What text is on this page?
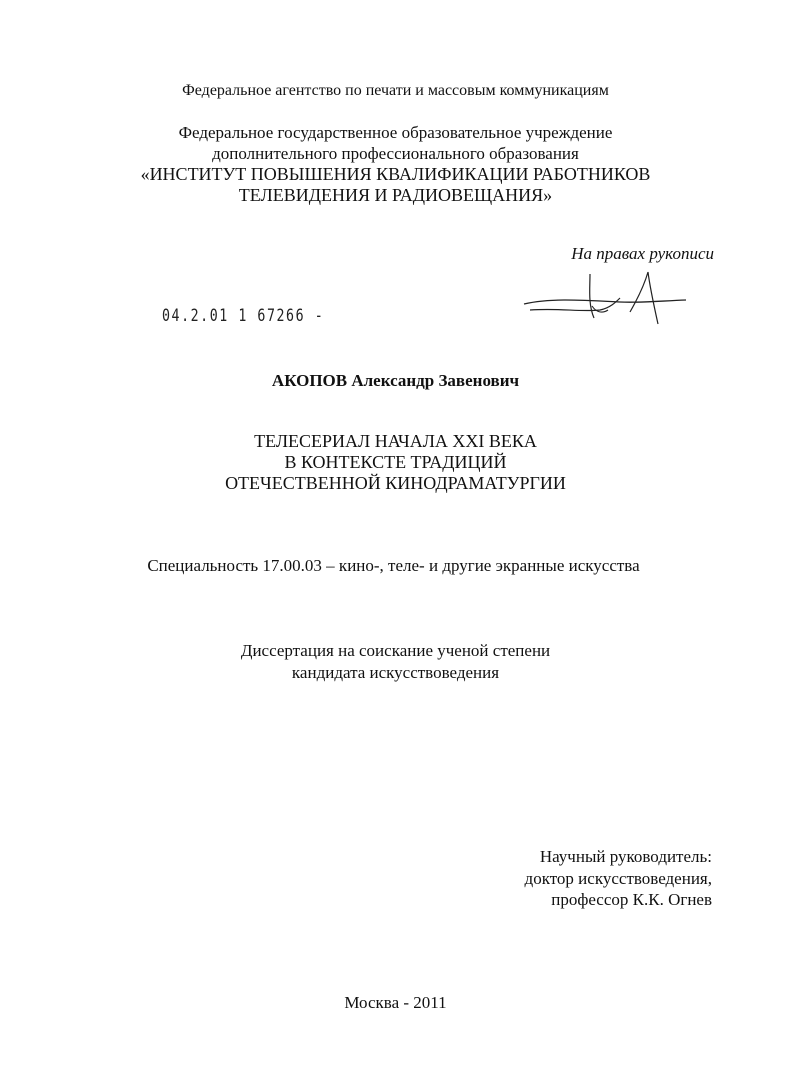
Федеральное агентство по печати и массовым коммуникациям
Федеральное государственное образовательное учреждение
дополнительного профессионального образования
«ИНСТИТУТ ПОВЫШЕНИЯ КВАЛИФИКАЦИИ РАБОТНИКОВ
ТЕЛЕВИДЕНИЯ И РАДИОВЕЩАНИЯ»
На правах рукописи
04.2.01 1 67266 -
АКОПОВ Александр Завенович
ТЕЛЕСЕРИАЛ НАЧАЛА XXI ВЕКА
В КОНТЕКСТЕ ТРАДИЦИЙ
ОТЕЧЕСТВЕННОЙ КИНОДРАМАТУРГИИ
Специальность 17.00.03 – кино-, теле- и другие экранные искусства
Диссертация на соискание ученой степени
кандидата искусствоведения
Научный руководитель:
доктор искусствоведения,
профессор К.К. Огнев
Москва - 2011
